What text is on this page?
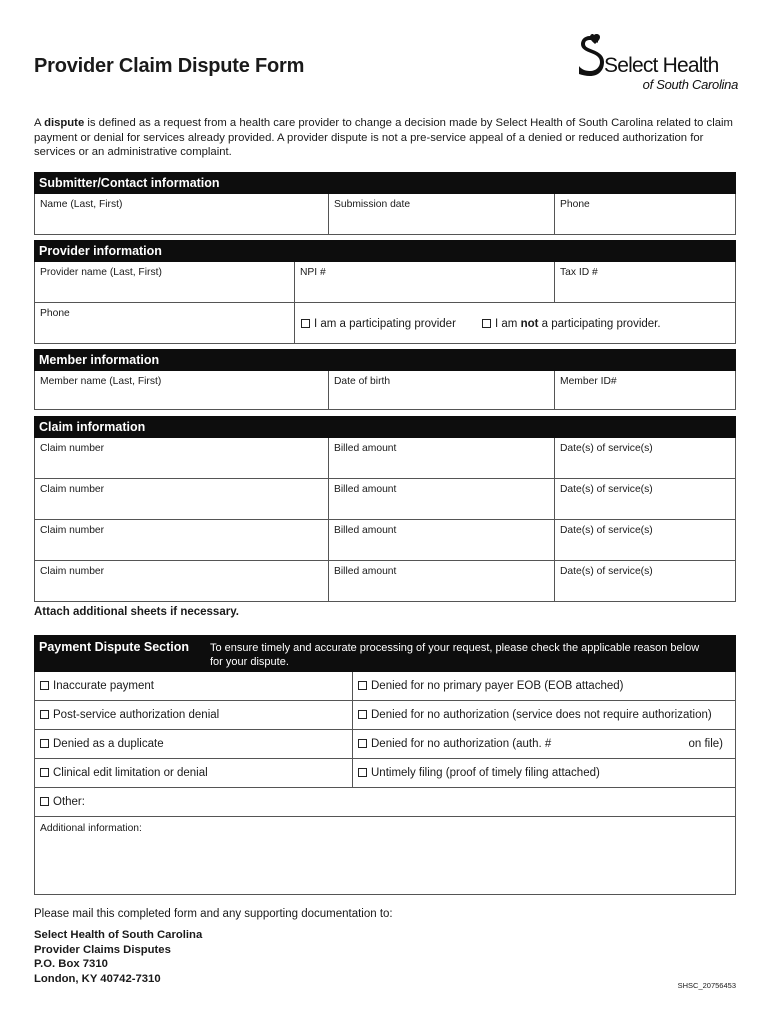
Provider Claim Dispute Form	Select Health
of South Carolina
A dispute is defined as a request from a health care provider to change a decision made by Select Health of South Carolina related to claim payment or denial for services already provided. A provider dispute is not a pre-service appeal of a denied or reduced authorization for services or an administrative complaint.
Submitter/Contact information
Name (Last, First)	Submission date	Phone
Provider information
Provider name (Last, First)	NPI #	Tax ID #
Phone
I am a participating provider	I am not a participating provider.
Member information
Member name (Last, First)	Date of birth	Member ID#
Claim information
Claim number	Billed amount	Date(s) of service(s)
Claim number	Billed amount	Date(s) of service(s)
Claim number	Billed amount	Date(s) of service(s)
Claim number	Billed amount	Date(s) of service(s)
Attach additional sheets if necessary.
Payment Dispute Section To ensure timely and accurate processing of your request, please check the applicable reason below for your dispute.
Inaccurate payment	Denied for no primary payer EOB (EOB attached)
Post-service authorization denial	Denied for no authorization (service does not require authorization)
Denied as a duplicate	Denied for no authorization (auth. #	on file)
Clinical edit limitation or denial	Untimely filing (proof of timely filing attached)
Other:
Additional information:
Please mail this completed form and any supporting documentation to:
Select Health of South Carolina
Provider Claims Disputes
P.O. Box 7310
London, KY 40742-7310
SHSC_20756453
